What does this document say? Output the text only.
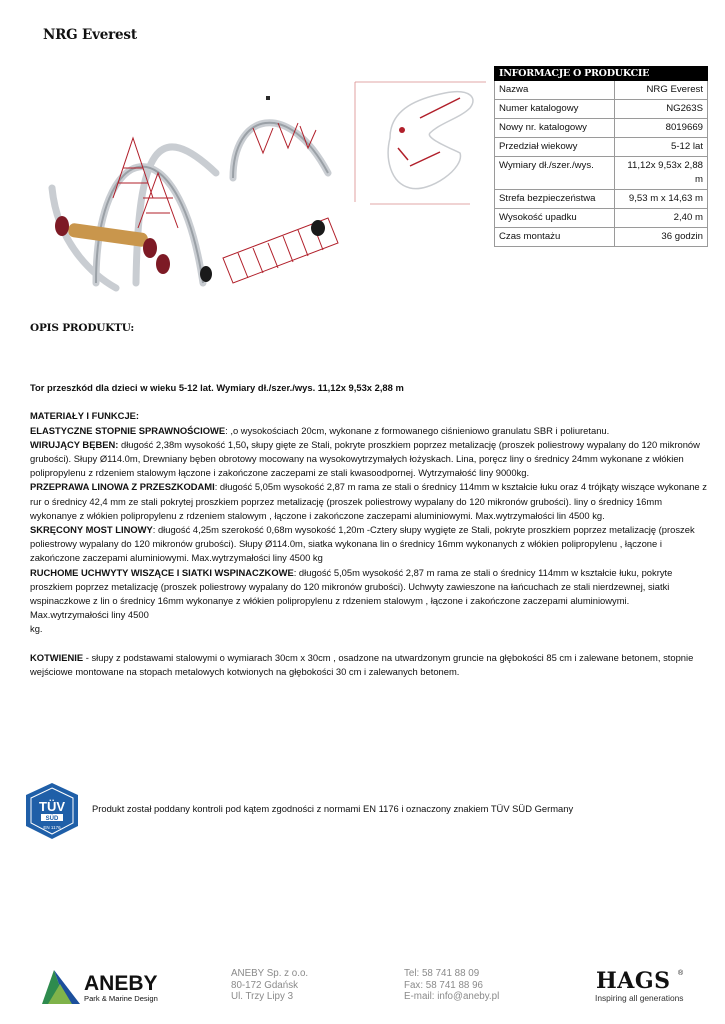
NRG Everest
INFORMACJE O PRODUKCIE	
Nazwa	NRG Everest
Numer katalogowy	NG263S
Nowy nr. katalogowy	8019669
Przedział wiekowy	5-12 lat
Wymiary dł./szer./wys.	11,12x 9,53x 2,88 m
Strefa bezpieczeństwa	9,53 m x 14,63 m
Wysokość upadku	2,40 m
Czas montażu	36 godzin
OPIS PRODUKTU:

Tor przeszkód dla dzieci w wieku 5-12 lat. Wymiary dł./szer./wys. 11,12x 9,53x 2,88 m

MATERIAŁY I FUNKCJE:

ELASTYCZNE STOPNIE SPRAWNOŚCIOWE: ,o wysokościach 20cm, wykonane z formowanego ciśnieniowo granulatu SBR i poliuretanu.

WIRUJĄCY BĘBEN: długość 2,38m wysokość 1,50, słupy gięte ze Stali, pokryte proszkiem poprzez metalizację (proszek poliestrowy wypalany do 120 mikronów grubości). Słupy Ø114.0m, Drewniany bęben obrotowy mocowany na wysokowytrzymałych łożyskach. Lina, poręcz liny o średnicy 24mm wykonane z włókien polipropylenu z rdzeniem stalowym łączone i zakończone zaczepami ze stali kwasoodpornej. Wytrzymałość liny 9000kg.

PRZEPRAWA LINOWA Z PRZESZKODAMI: długość 5,05m wysokość 2,87 m rama ze stali o średnicy 114mm w kształcie łuku oraz 4 trójkąty wiszące wykonane z rur o średnicy 42,4 mm ze stali pokrytej proszkiem poprzez metalizację (proszek poliestrowy wypalany do 120 mikronów grubości). liny o średnicy 16mm wykonanye z włókien polipropylenu z rdzeniem stalowym , łączone i zakończone zaczepami aluminiowymi. Max.wytrzymałości lin 4500 kg.

SKRĘCONY MOST LINOWY: długość 4,25m szerokość 0,68m wysokość 1,20m -Cztery słupy wygięte ze Stali, pokryte proszkiem poprzez metalizację (proszek poliestrowy wypalany do 120 mikronów grubości). Słupy Ø114.0m, siatka wykonana lin o średnicy 16mm wykonanych z włókien polipropylenu , łączone i zakończone zaczepami aluminiowymi. Max.wytrzymałości liny 4500 kg

RUCHOME UCHWYTY WISZĄCE I SIATKI WSPINACZKOWE: długość 5,05m wysokość 2,87 m rama ze stali o średnicy 114mm w kształcie łuku, pokryte proszkiem poprzez metalizację (proszek poliestrowy wypalany do 120 mikronów grubości). Uchwyty zawieszone na łańcuchach ze stali nierdzewnej, siatki wspinaczkowe z lin o średnicy 16mm wykonanye z włókien polipropylenu z rdzeniem stalowym , łączone i zakończone zaczepami aluminiowymi. Max.wytrzymałości liny 4500

kg.

KOTWIENIE - słupy z podstawami stalowymi o wymiarach 30cm x 30cm , osadzone na utwardzonym gruncie na głębokości 85 cm i zalewane betonem, stopnie wejściowe montowane na stopach metalowych kotwionych na głębokości 30 cm i zalewanych betonem.

TÜV
SÜD
EN 1176
Produkt został poddany kontroli pod kątem zgodności z normami EN 1176 i oznaczony znakiem TÜV SÜD Germany
ANEBY
Park & Marine Design
ANEBY Sp. z o.o.
80-172 Gdańsk
Ul. Trzy Lipy 3
Tel: 58 741 88 09
Fax: 58 741 88 96
E-mail: info@aneby.pl
HAGS ®
Inspiring all generations
